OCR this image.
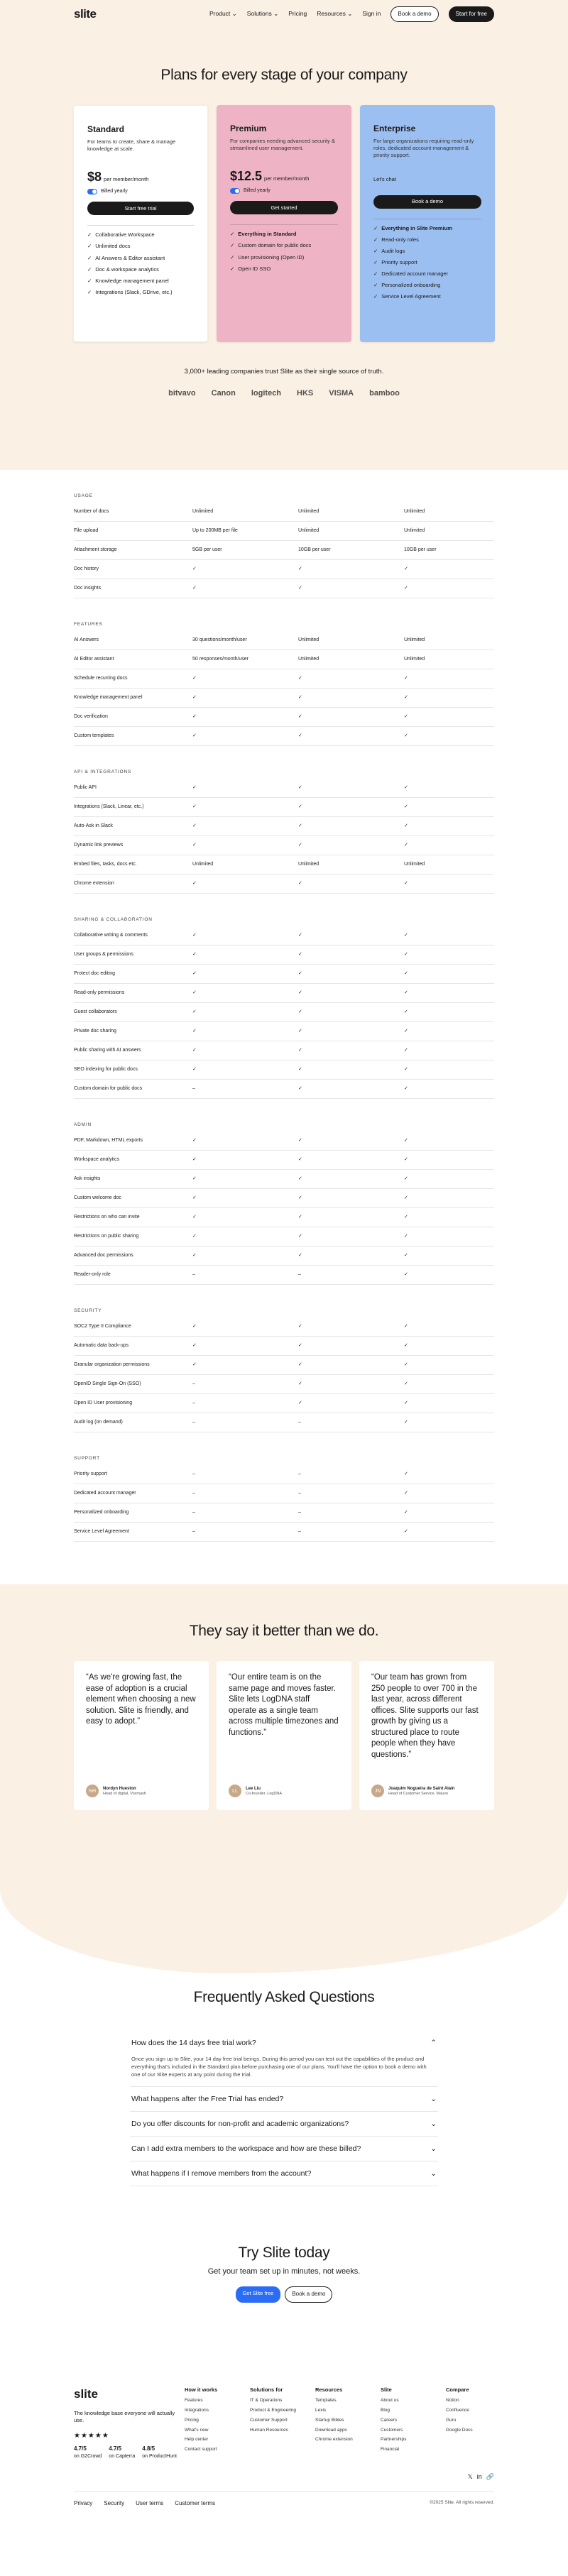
slite	Product ⌄ Solutions ⌄ Pricing Resources ⌄ Sign in	Book a demo	Start for free
Plans for every stage of your company
Standard
For teams to create, share & manage knowledge at scale.
$8 per member/month
Billed yearly
Start free trial
✓ Collaborative Workspace
✓ Unlimited docs
✓ AI Answers & Editor assistant
✓ Doc & workspace analytics
✓ Knowledge management panel
✓ Integrations (Slack, GDrive, etc.)
Premium
For companies needing advanced security & streamlined user management.
$12.5 per member/month
Billed yearly
Get started
✓ Everything in Standard
✓ Custom domain for public docs
✓ User provisioning (Open ID)
✓ Open ID SSO
Enterprise
For large organizations requiring read-only roles, dedicated account management & priority support.
Let's chat
Book a demo
✓ Everything in Slite Premium
✓ Read-only roles
✓ Audit logs
✓ Priority support
✓ Dedicated account manager
✓ Personalized onboarding
✓ Service Level Agreement
3,000+ leading companies trust Slite as their single source of truth.
bitvavo Canon logitech HKS VISMA bamboo
USAGE
Number of docs	Unlimited	Unlimited	Unlimited
File upload	Up to 200MB per file	Unlimited	Unlimited
Attachment storage	5GB per user	10GB per user	10GB per user
Doc history	✓	✓	✓
Doc insights	✓	✓	✓
FEATURES
AI Answers	30 questions/month/user	Unlimited	Unlimited
AI Editor assistant	50 responses/month/user	Unlimited	Unlimited
Schedule recurring docs	✓	✓	✓
Knowledge management panel	✓	✓	✓
Doc verification	✓	✓	✓
Custom templates	✓	✓	✓
API & INTEGRATIONS
Public API	✓	✓	✓
Integrations (Slack, Linear, etc.)	✓	✓	✓
Auto-Ask in Slack	✓	✓	✓
Dynamic link previews	✓	✓	✓
Embed files, tasks, docs etc.	Unlimited	Unlimited	Unlimited
Chrome extension	✓	✓	✓
SHARING & COLLABORATION
Collaborative writing & comments	✓	✓	✓
User groups & permissions	✓	✓	✓
Protect doc editing	✓	✓	✓
Read-only permissions	✓	✓	✓
Guest collaborators	✓	✓	✓
Private doc sharing	✓	✓	✓
Public sharing with AI answers	✓	✓	✓
SEO indexing for public docs	✓	✓	✓
Custom domain for public docs	–	✓	✓
ADMIN
PDF, Markdown, HTML exports	✓	✓	✓
Workspace analytics	✓	✓	✓
Ask insights	✓	✓	✓
Custom welcome doc	✓	✓	✓
Restrictions on who can invite	✓	✓	✓
Restrictions on public sharing	✓	✓	✓
Advanced doc permissions	✓	✓	✓
Reader-only role	–	–	✓
SECURITY
SOC2 Type II Compliance	✓	✓	✓
Automatic data back-ups	✓	✓	✓
Granular organization permissions	✓	✓	✓
OpenID Single Sign-On (SSO)	–	✓	✓
Open ID User provisioning	–	✓	✓
Audit log (on demand)	–	–	✓
SUPPORT
Priority support	–	–	✓
Dedicated account manager	–	–	✓
Personalized onboarding	–	–	✓
Service Level Agreement	–	–	✓
They say it better than we do.
“As we're growing fast, the ease of adoption is a crucial element when choosing a new solution. Slite is friendly, and easy to adopt.”
NH
Nordyn Hueston
Head of digital, Voxmash
“Our entire team is on the same page and moves faster. Slite lets LogDNA staff operate as a single team across multiple timezones and functions.”
LL
Lee Liu
Co-founder, LogDNA
“Our team has grown from 250 people to over 700 in the last year, across different offices. Slite supports our fast growth by giving us a structured place to route people when they have questions.”
JN
Joaquim Nogueira de Saint Alain
Head of Customer Service, Mauvo
Frequently Asked Questions
How does the 14 days free trial work?	⌃
Once you sign up to Slite, your 14 day free trial beings. During this period you can test out the capabilities of the product and everything that's included in the Standard plan before purchasing one of our plans. You'll have the option to book a demo with one of our Slite experts at any point during the trial.
What happens after the Free Trial has ended?	⌄
Do you offer discounts for non-profit and academic organizations?	⌄
Can I add extra members to the workspace and how are these billed?	⌄
What happens if I remove members from the account?	⌄
Try Slite today

Get your team set up in minutes, not weeks.

Get Slite free	Book a demo
slite
The knowledge base everyone will actually use.
★★★★★
4.7/5
on G2Crowd
4.7/5
on Capterra
4.8/5
on ProductHunt
How it works
Features
Integrations
Pricing
What's new
Help center
Contact support
Solutions for
IT & Operations
Product & Engineering
Customer Support
Human Resources
Resources
Templates
Lexis
Startup Bibles
Download apps
Chrome extension
Slite
About us
Blog
Careers
Customers
Partnerships
Financial
Compare
Notion
Confluence
Guru
Google Docs
𝕏 in 🔗
Privacy Security User terms Customer terms	©2025 Slite. All rights reserved.
